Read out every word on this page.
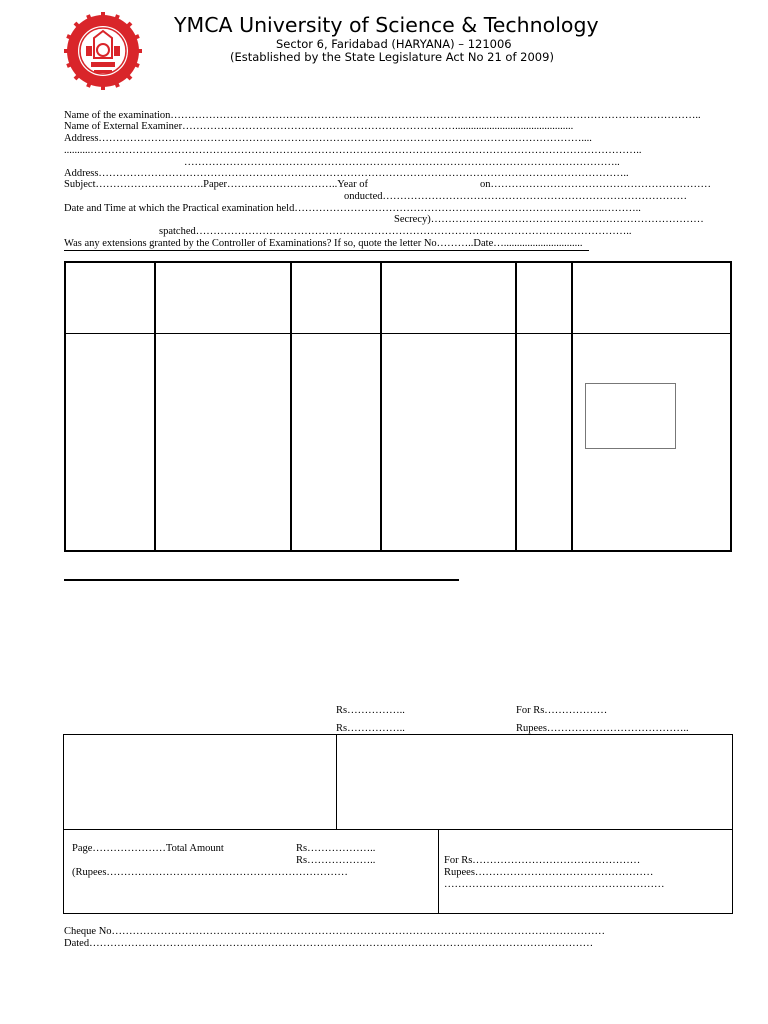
YMCA University of Science & Technology
Sector 6, Faridabad (HARYANA) – 121006
(Established by the State Legislature Act No 21 of 2009)
Name of the examination……………………………………………………………………………………………………………………………………..
Name of External Examiner…………………………………………………………………….............................................
Address…………………………………………………………………………………………………………………………....
..........…………………………………………………………………………………………………………………………………………..
……………………………………………………………………………………………………………..
Address……………………………………………………………………………………………………………………………………..
Subject………………………….Paper…………………………..Year of	on………………………………………………………
onducted……………………………………………………………………………
Date and Time at which the Practical examination held……………………………………………………………………………..………..
Secrecy)……………………………………………………………………
spatched……………………………………………………………………………………………………………..
Was any extensions granted by the Controller of Examinations? If so, quote the letter No………..Date…..............................
Rs……………..	For Rs………………
Rs……………..	Rupees…………………………………..
Page…………………Total Amount	Rs………………..
Rs………………..
(Rupees……………………………………………………………
For Rs…………………………………………
Rupees……………………………………………
………………………………………………………
Cheque No……………………………………………………………………………………………………………………………
Dated………………………………………………………………………………………………………………………………
